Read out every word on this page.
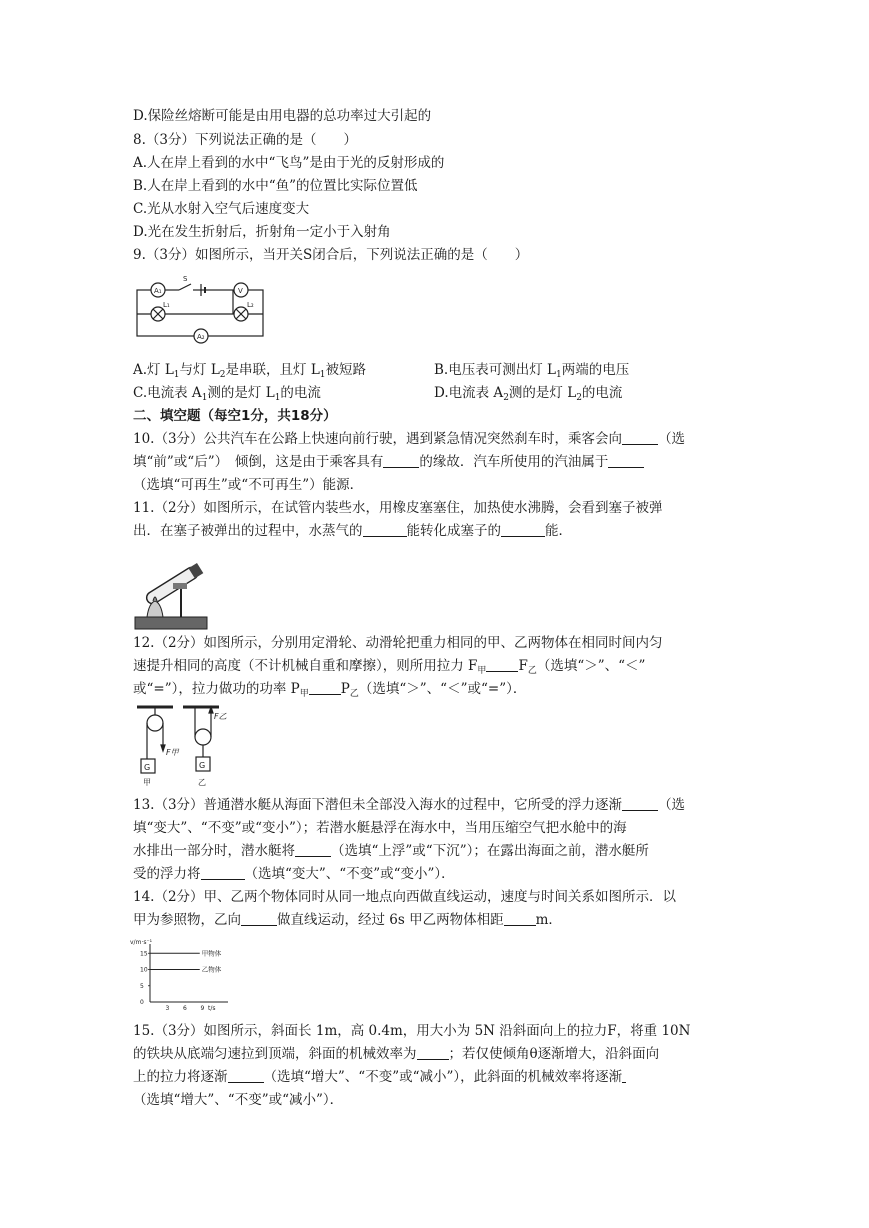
D.保险丝熔断可能是由用电器的总功率过大引起的
8.（3分）下列说法正确的是（　　）
A.人在岸上看到的水中“飞鸟”是由于光的反射形成的
B.人在岸上看到的水中“鱼”的位置比实际位置低
C.光从水射入空气后速度变大
D.光在发生折射后，折射角一定小于入射角
9.（3分）如图所示，当开关S闭合后，下列说法正确的是（　　）
A₁	V
A₂
S
L₁	L₂
A.灯 $L_1$与灯 $L_2$是串联，且灯 $L_1$被短路	B.电压表可测出灯 $L_1$两端的电压
C.电流表 $A_1$测的是灯 $L_1$的电流	D.电流表 $A_2$测的是灯 $L_2$的电流
二、填空题（每空1分，共18分）
10.（3分）公共汽车在公路上快速向前行驶，遇到紧急情况突然刹车时，乘客会向	（选
填“前”或“后”）　倾倒，这是由于乘客具有	的缘故．汽车所使用的汽油属于
（选填“可再生”或“不可再生”）能源．
11.（2分）如图所示，在试管内装些水，用橡皮塞塞住，加热使水沸腾，会看到塞子被弹
出．在塞子被弹出的过程中，水蒸气的	能转化成塞子的	能．
12.（2分）如图所示，分别用定滑轮、动滑轮把重力相同的甲、乙两物体在相同时间内匀
速提升相同的高度（不计机械自重和摩擦），则所用拉力 $F_甲$ $F_乙$（选填“＞”、“＜”
或“=”），拉力做功的功率 $P_甲$ $P_乙$（选填“＞”、“＜”或“=”）．
G	G
F甲
F乙
甲	乙
13.（3分）普通潜水艇从海面下潜但未全部没入海水的过程中，它所受的浮力逐渐	（选
填“变大”、“不变”或“变小”）；若潜水艇悬浮在海水中，当用压缩空气把水舱中的海
水排出一部分时，潜水艇将	（选填“上浮”或“下沉”）；在露出海面之前，潜水艇所
受的浮力将	（选填“变大”、“不变”或“变小”）．
14.（2分）甲、乙两个物体同时从同一地点向西做直线运动，速度与时间关系如图所示．以
甲为参照物，乙向	做直线运动，经过 6s 甲乙两物体相距 m．
v/m·s⁻¹
t/s
3 6 9
0
5
10
15	甲物体
乙物体
15.（3分）如图所示，斜面长 1m，高 0.4m，用大小为 5N 沿斜面向上的拉力F，将重 10N
的铁块从底端匀速拉到顶端，斜面的机械效率为 ；若仅使倾角θ逐渐增大，沿斜面向
上的拉力将逐渐	（选填“增大”、“不变”或“减小”），此斜面的机械效率将逐渐
（选填“增大”、“不变”或“减小”）．
